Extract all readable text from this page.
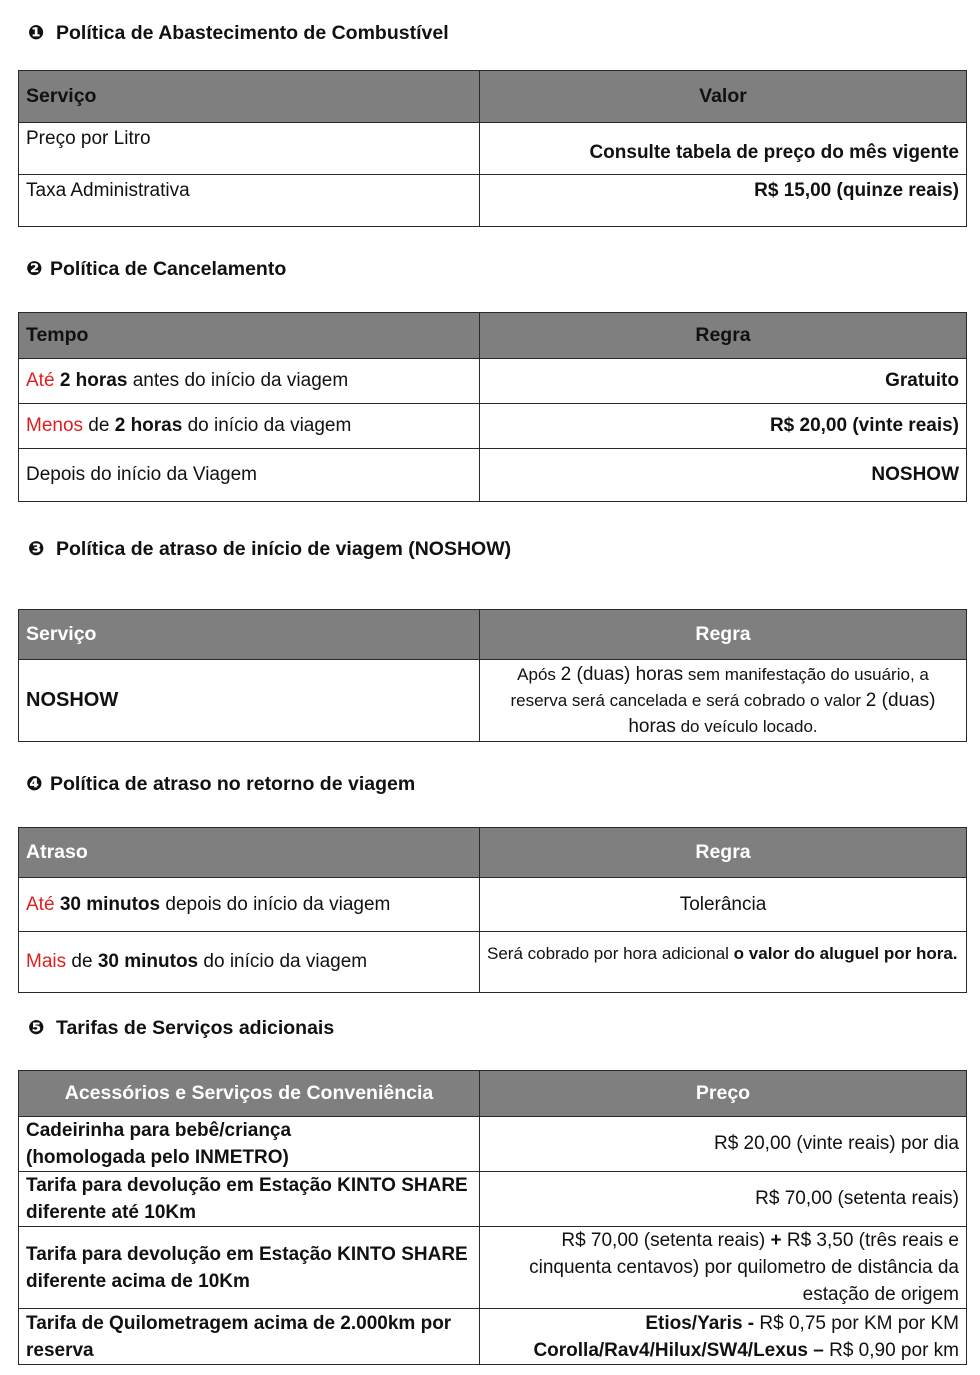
❶ Política de Abastecimento de Combustível
Serviço	Valor
Preço por Litro	Consulte tabela de preço do mês vigente
Taxa Administrativa	R$ 15,00 (quinze reais)
❷ Política de Cancelamento
Tempo	Regra
Até 2 horas antes do início da viagem	Gratuito
Menos de 2 horas do início da viagem	R$ 20,00 (vinte reais)
Depois do início da Viagem	NOSHOW
❸ Política de atraso de início de viagem (NOSHOW)
Serviço	Regra
NOSHOW	Após 2 (duas) horas sem manifestação do usuário, a reserva será cancelada e será cobrado o valor 2 (duas) horas do veículo locado.
❹ Política de atraso no retorno de viagem
Atraso	Regra
Até 30 minutos depois do início da viagem	Tolerância
Mais de 30 minutos do início da viagem	Será cobrado por hora adicional o valor do aluguel por hora.
❺ Tarifas de Serviços adicionais
Acessórios e Serviços de Conveniência	Preço
Cadeirinha para bebê/criança
(homologada pelo INMETRO)	R$ 20,00 (vinte reais) por dia
Tarifa para devolução em Estação KINTO SHARE
diferente até 10Km	R$ 70,00 (setenta reais)
Tarifa para devolução em Estação KINTO SHARE
diferente acima de 10Km	R$ 70,00 (setenta reais) + R$ 3,50 (três reais e cinquenta centavos) por quilometro de distância da estação de origem
Tarifa de Quilometragem acima de 2.000km por
reserva	Etios/Yaris - R$ 0,75 por KM por KM
Corolla/Rav4/Hilux/SW4/Lexus – R$ 0,90 por km
